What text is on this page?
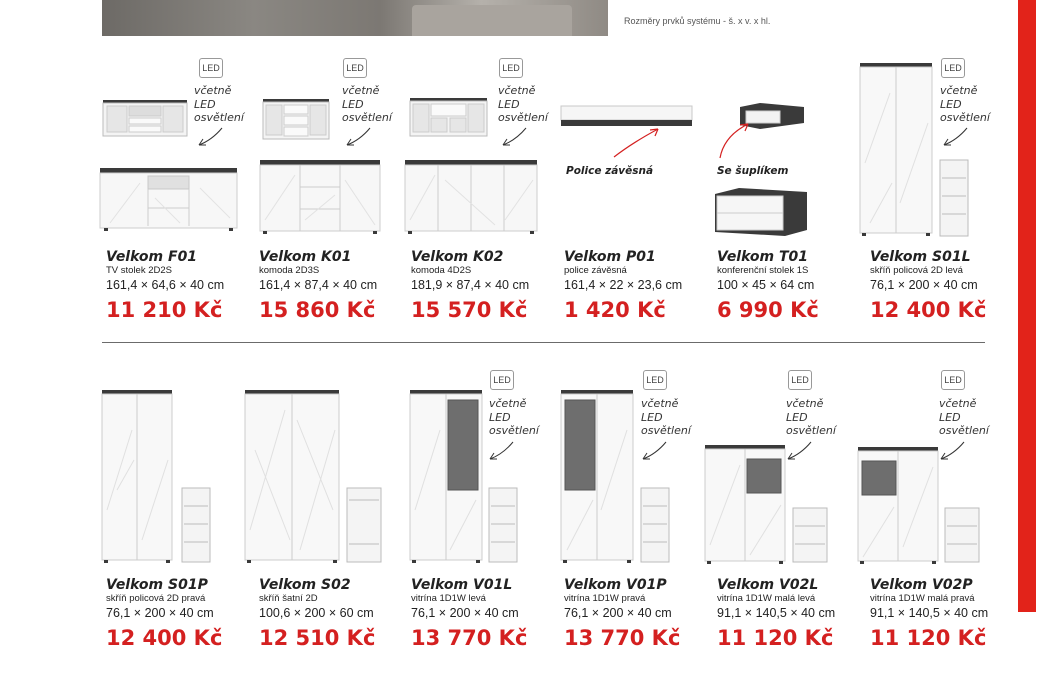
Rozměry prvků systému - š. x v. x hl.
Police závěsná	Se šuplíkem
LED
včetně
LED
osvětlení
LED
včetně
LED
osvětlení
LED
včetně
LED
osvětlení
LED
včetně
LED
osvětlení
Velkom F01
TV stolek 2D2S
161,4 × 64,6 × 40 cm
11 210 Kč
Velkom K01
komoda 2D3S
161,4 × 87,4 × 40 cm
15 860 Kč
Velkom K02
komoda 4D2S
181,9 × 87,4 × 40 cm
15 570 Kč
Velkom P01
police závěsná
161,4 × 22 × 23,6 cm
1 420 Kč
Velkom T01
konferenční stolek 1S
100 × 45 × 64 cm
6 990 Kč
Velkom S01L
skříň policová 2D levá
76,1 × 200 × 40 cm
12 400 Kč
LED
včetně
LED
osvětlení
LED
včetně
LED
osvětlení
LED
včetně
LED
osvětlení
LED
včetně
LED
osvětlení
Velkom S01P
skříň policová 2D pravá
76,1 × 200 × 40 cm
12 400 Kč
Velkom S02
skříň šatní 2D
100,6 × 200 × 60 cm
12 510 Kč
Velkom V01L
vitrína 1D1W levá
76,1 × 200 × 40 cm
13 770 Kč
Velkom V01P
vitrína 1D1W pravá
76,1 × 200 × 40 cm
13 770 Kč
Velkom V02L
vitrína 1D1W malá levá
91,1 × 140,5 × 40 cm
11 120 Kč
Velkom V02P
vitrína 1D1W malá pravá
91,1 × 140,5 × 40 cm
11 120 Kč
